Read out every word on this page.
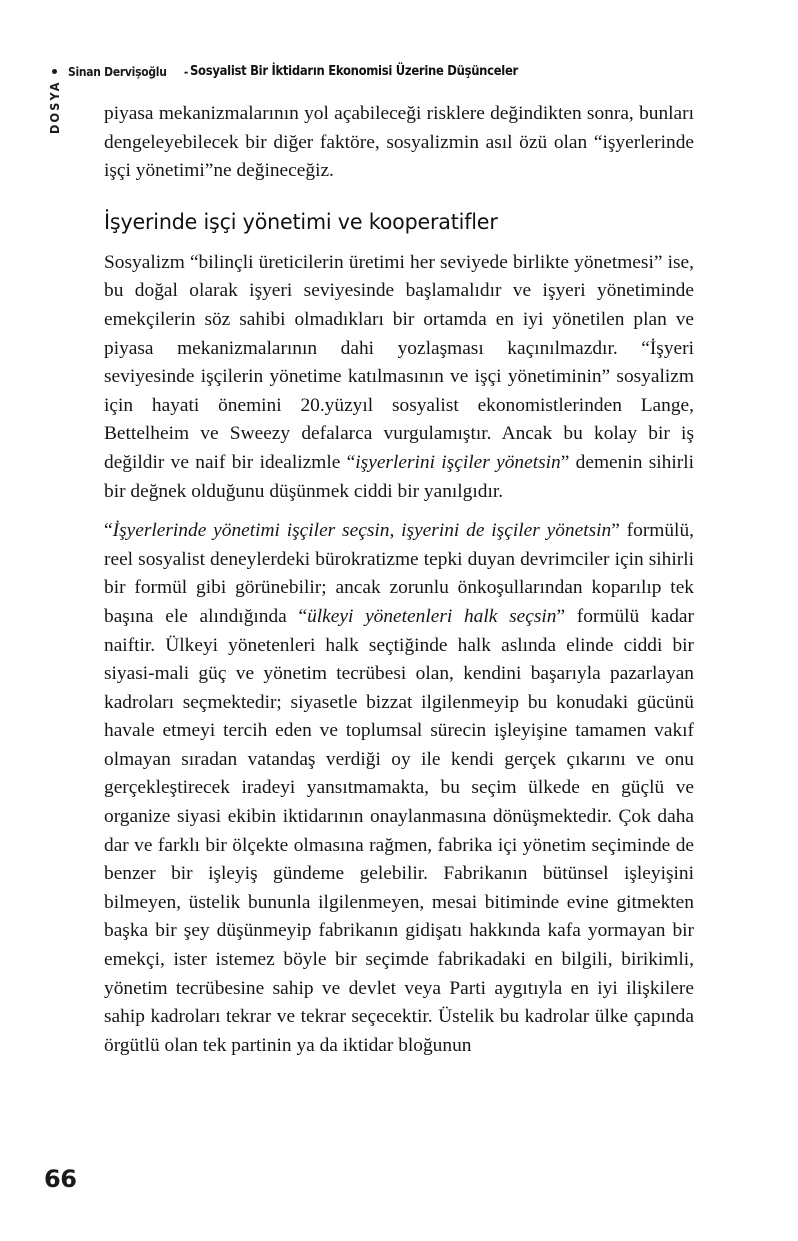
Sinan Dervişoğlu - Sosyalist Bir İktidarın Ekonomisi Üzerine Düşünceler
DOSYA piyasa mekanizmalarının yol açabileceği risklere değindikten sonra, bunları dengeleyebilecek bir diğer faktöre, sosyalizmin asıl özü olan “işyerlerinde işçi yönetimi”ne değineceğiz.

İşyerinde işçi yönetimi ve kooperatifler

Sosyalizm “bilinçli üreticilerin üretimi her seviyede birlikte yönetmesi” ise, bu doğal olarak işyeri seviyesinde başlamalıdır ve işyeri yönetiminde emekçilerin söz sahibi olmadıkları bir ortamda en iyi yönetilen plan ve piyasa mekanizmalarının dahi yozlaşması kaçınılmazdır. “İşyeri seviyesinde işçilerin yönetime katılmasının ve işçi yönetiminin” sosyalizm için hayati önemini 20.yüzyıl sosyalist ekonomistlerinden Lange, Bettelheim ve Sweezy defalarca vurgulamıştır. Ancak bu kolay bir iş değildir ve naif bir idealizmle “işyerlerini işçiler yönetsin” demenin sihirli bir değnek olduğunu düşünmek ciddi bir yanılgıdır.

“İşyerlerinde yönetimi işçiler seçsin, işyerini de işçiler yönetsin” formülü, reel sosyalist deneylerdeki bürokratizme tepki duyan devrimciler için sihirli bir formül gibi görünebilir; ancak zorunlu önkoşullarından koparılıp tek başına ele alındığında “ülkeyi yönetenleri halk seçsin” formülü kadar naiftir. Ülkeyi yönetenleri halk seçtiğinde halk aslında elinde ciddi bir siyasi-mali güç ve yönetim tecrübesi olan, kendini başarıyla pazarlayan kadroları seçmektedir; siyasetle bizzat ilgilenmeyip bu konudaki gücünü havale etmeyi tercih eden ve toplumsal sürecin işleyişine tamamen vakıf olmayan sıradan vatandaş verdiği oy ile kendi gerçek çıkarını ve onu gerçekleştirecek iradeyi yansıtmamakta, bu seçim ülkede en güçlü ve organize siyasi ekibin iktidarının onaylanmasına dönüşmektedir. Çok daha dar ve farklı bir ölçekte olmasına rağmen, fabrika içi yönetim seçiminde de benzer bir işleyiş gündeme gelebilir. Fabrikanın bütünsel işleyişini bilmeyen, üstelik bununla ilgilenmeyen, mesai bitiminde evine gitmekten başka bir şey düşünmeyip fabrikanın gidişatı hakkında kafa yormayan bir emekçi, ister istemez böyle bir seçimde fabrikadaki en bilgili, birikimli, yönetim tecrübesine sahip ve devlet veya Parti aygıtıyla en iyi ilişkilere sahip kadroları tekrar ve tekrar seçecektir. Üstelik bu kadrolar ülke çapında örgütlü olan tek partinin ya da iktidar bloğunun

66
